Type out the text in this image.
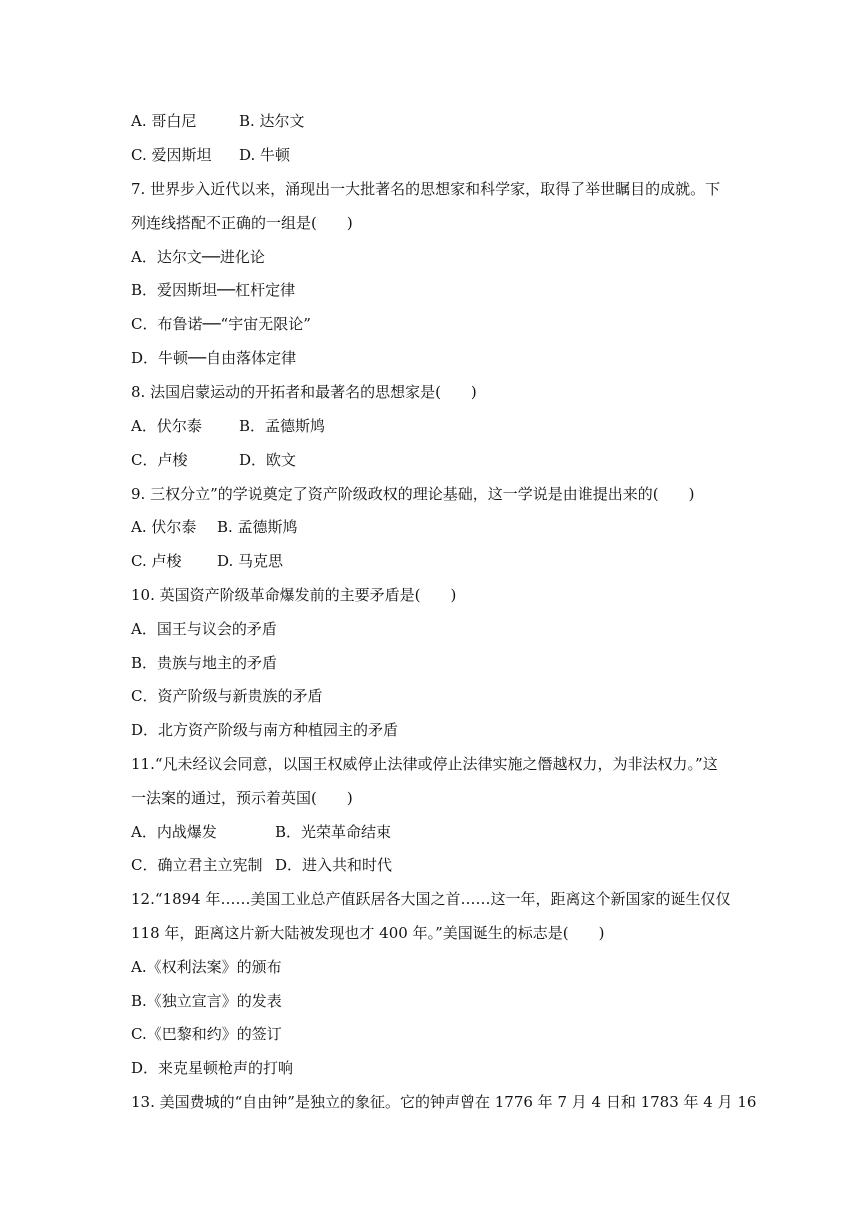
A. 哥白尼

	B. 达尔文

C. 爱因斯坦

D. 牛顿

7. 世界步入近代以来，涌现出一大批著名的思想家和科学家，取得了举世瞩目的成就。下
列连线搭配不正确的一组是(　　)
A．达尔文──进化论
B．爱因斯坦──杠杆定律
C．布鲁诺──“宇宙无限论”
D．牛顿──自由落体定律
8. 法国启蒙运动的开拓者和最著名的思想家是(　　)

A．伏尔泰

B．孟德斯鸠

C．卢梭

	D．欧文

9. 三权分立”的学说奠定了资产阶级政权的理论基础，这一学说是由谁提出来的(　　)

A. 伏尔泰

B. 孟德斯鸠

C. 卢梭

D. 马克思

10. 英国资产阶级革命爆发前的主要矛盾是(　　)
A．国王与议会的矛盾
B．贵族与地主的矛盾
C．资产阶级与新贵族的矛盾
D．北方资产阶级与南方种植园主的矛盾
11.“凡未经议会同意，以国王权威停止法律或停止法律实施之僭越权力，为非法权力。”这
一法案的通过，预示着英国(　　)

A．内战爆发

	B．光荣革命结束

C．确立君主立宪制

D．进入共和时代

12.“1894 年……美国工业总产值跃居各大国之首……这一年，距离这个新国家的诞生仅仅
118 年，距离这片新大陆被发现也才 400 年。”美国诞生的标志是(　　)
A.《权利法案》的颁布
B.《独立宣言》的发表
C.《巴黎和约》的签订
D．来克星顿枪声的打响
13. 美国费城的“自由钟”是独立的象征。它的钟声曾在 1776 年 7 月 4 日和 1783 年 4 月 16
